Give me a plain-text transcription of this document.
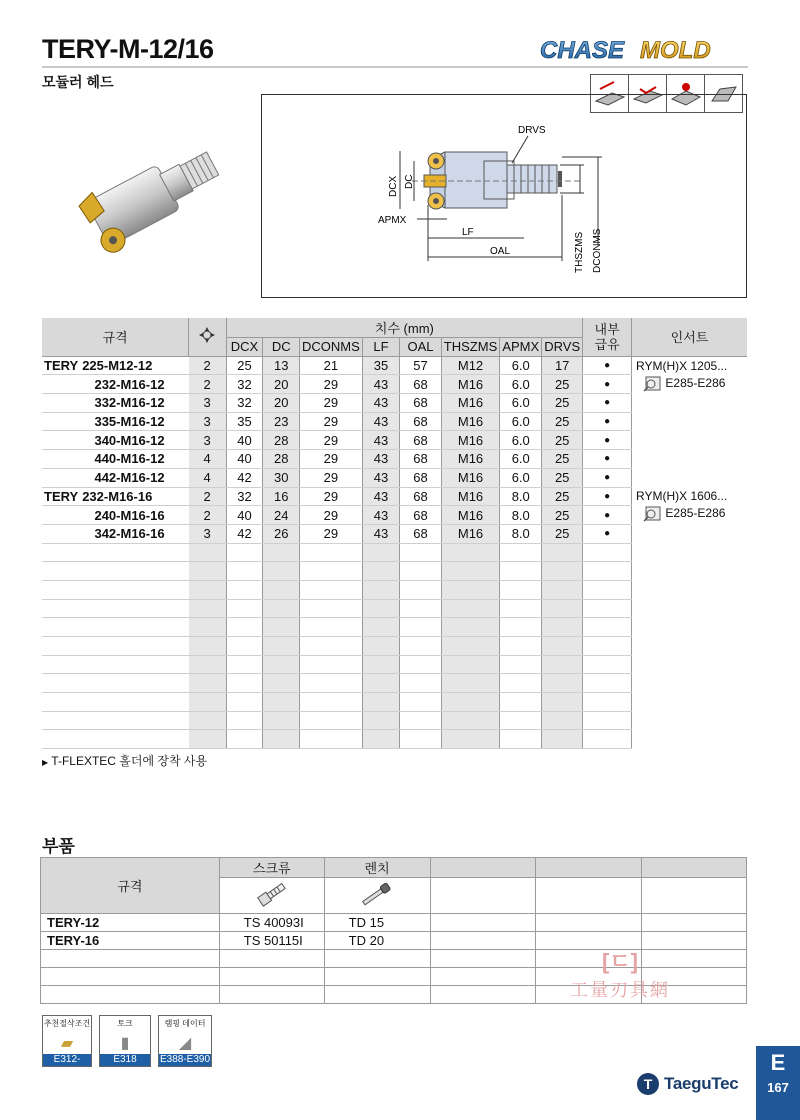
TERY-M-12/16
모듈러 헤드
CHASE MOLD
DRVS
DCX DC
APMX
LF
OAL	THSZMS DCONMS
규격		치수 (mm)								내부
급유	인서트
		DCX	DC	DCONMS	LF	OAL	THSZMS	APMX	DRVS		
TERY 225-M12-12	2	25	13	21	35	57	M12	6.0	17	●	RYM(H)X 1205...
E285-E286

232-M16-12	2	32	20	29	43	68	M16	6.0	25	●	
332-M16-12	3	32	20	29	43	68	M16	6.0	25	●	
335-M16-12	3	35	23	29	43	68	M16	6.0	25	●	
340-M16-12	3	40	28	29	43	68	M16	6.0	25	●	
440-M16-12	4	40	28	29	43	68	M16	6.0	25	●	
442-M16-12	4	42	30	29	43	68	M16	6.0	25	●	
TERY 232-M16-16	2	32	16	29	43	68	M16	8.0	25	●	RYM(H)X 1606...
E285-E286

240-M16-16	2	40	24	29	43	68	M16	8.0	25	●	
342-M16-16	3	42	26	29	43	68	M16	8.0	25	●	

▶ T-FLEXTEC 홀더에 장착 사용
부품
규격	스크류	렌치			

TERY-12	TS 40093I	TD 15			
TERY-16	TS 50115I	TD 20			

[ㄷ]
工量刃具網
추천절삭조건
▰
E312-E315
토크
▮
E318
램핑 데이터
◢
E388-E390
T TaeguTec
E
167
